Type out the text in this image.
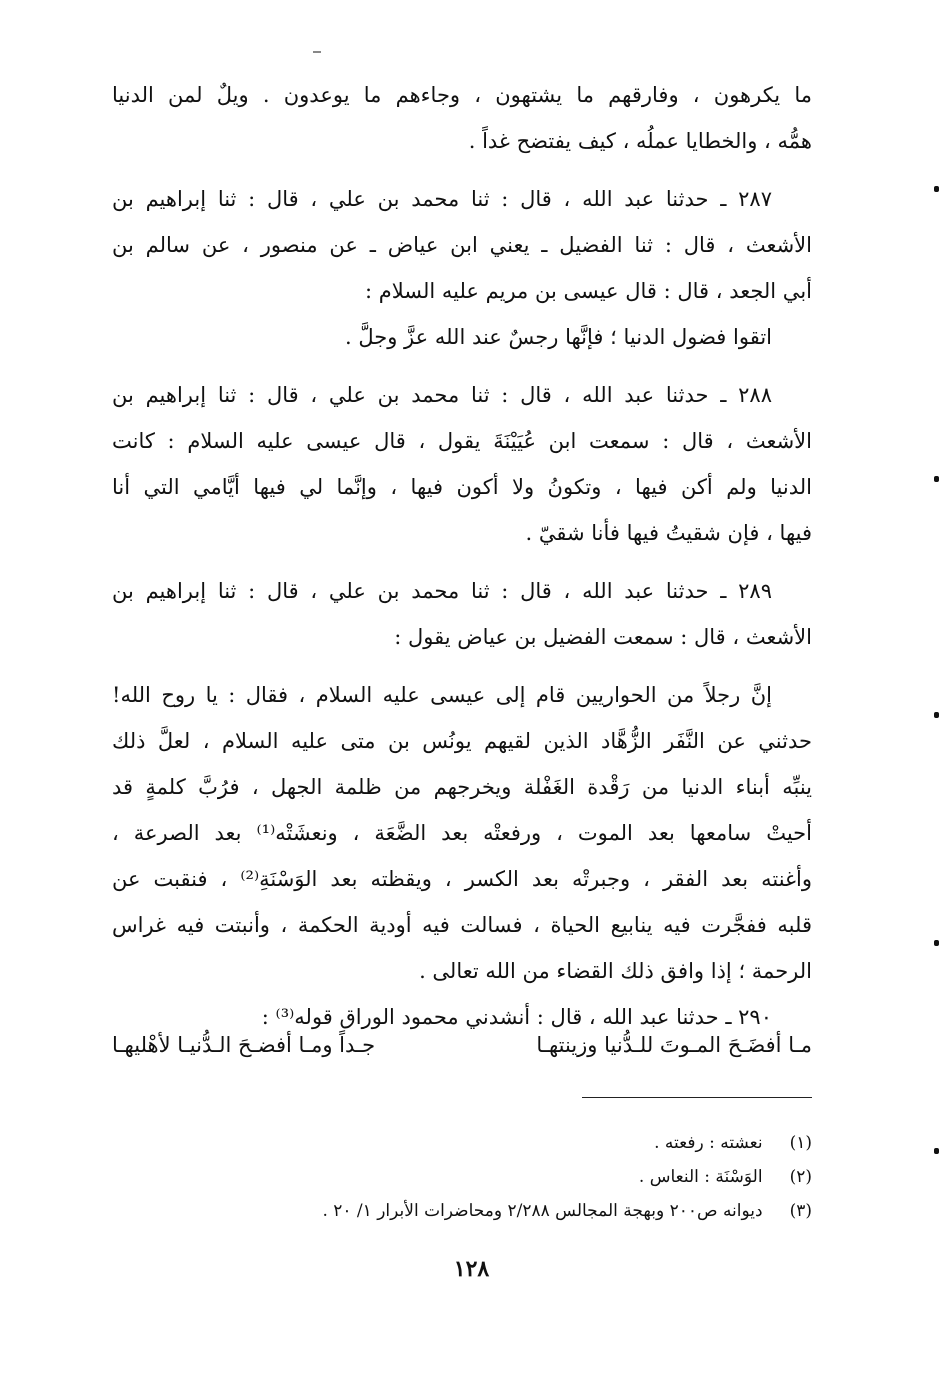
ما يكرهون ، وفارقهم ما يشتهون ، وجاءهم ما يوعدون . ويلٌ لمن الدنيا
همُّه ، والخطايا عملُه ، كيف يفتضح غداً .
٢٨٧ ـ حدثنا عبد الله ، قال : ثنا محمد بن علي ، قال : ثنا إبراهيم بن
الأشعث ، قال : ثنا الفضيل ـ يعني ابن عياض ـ عن منصور ، عن سالم بن
أبي الجعد ، قال : قال عيسى بن مريم عليه السلام :
اتقوا فضول الدنيا ؛ فإنَّها رجسٌ عند الله عزَّ وجلَّ .
٢٨٨ ـ حدثنا عبد الله ، قال : ثنا محمد بن علي ، قال : ثنا إبراهيم بن
الأشعث ، قال : سمعت ابن عُيَيْنَةَ يقول ، قال عيسى عليه السلام : كانت
الدنيا ولم أكن فيها ، وتكونُ ولا أكون فيها ، وإنَّما لي فيها أيَّامي التي أنا
فيها ، فإن شقيتُ فيها فأنا شقيّ .
٢٨٩ ـ حدثنا عبد الله ، قال : ثنا محمد بن علي ، قال : ثنا إبراهيم بن
الأشعث ، قال : سمعت الفضيل بن عياض يقول :
إنَّ رجلاً من الحواريين قام إلى عيسى عليه السلام ، فقال : يا روح الله!
حدثني عن النَّفَر الزُّهَّاد الذين لقيهم يونُس بن متى عليه السلام ، لعلَّ ذلك
ينبِّه أبناء الدنيا من رَقْدة الغَفْلة ويخرجهم من ظلمة الجهل ، فرُبَّ كلمةٍ قد
أحيتْ سامعها بعد الموت ، ورفعتْه بعد الضَّعَة ، ونعشَتْه⁽¹⁾ بعد الصرعة ،
وأغنته بعد الفقر ، وجبرتْه بعد الكسر ، ويقظته بعد الوَسْنَةِ⁽²⁾ ، فنقبت عن
قلبه ففجَّرت فيه ينابيع الحياة ، فسالت فيه أودية الحكمة ، وأنبتت فيه غراس
الرحمة ؛ إذا وافق ذلك القضاء من الله تعالى .
٢٩٠ ـ حدثنا عبد الله ، قال : أنشدني محمود الوراق قوله⁽³⁾ :
مـا أفضَـحَ المـوتَ للـدُّنيا وزينتهـا
جـداً ومـا أفضـحَ الـدُّنيـا لأهْليهـا
(١) نعشته : رفعته .
(٢) الوَسْنَة : النعاس .
(٣) ديوانه ص٢٠٠ وبهجة المجالس ٢/٢٨٨ ومحاضرات الأبرار ١/ ٢٠ .
١٢٨
